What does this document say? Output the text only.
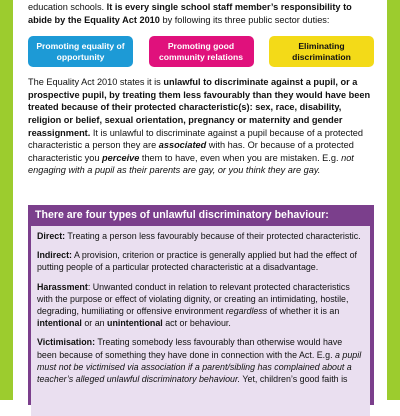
education schools. It is every single school staff member’s responsibility to abide by the Equality Act 2010 by following its three public sector duties:

Promoting equality of opportunity
Promoting good community relations
Eliminating discrimination

The Equality Act 2010 states it is unlawful to discriminate against a pupil, or a prospective pupil, by treating them less favourably than they would have been treated because of their protected characteristic(s): sex, race, disability, religion or belief, sexual orientation, pregnancy or maternity and gender reassignment. It is unlawful to discriminate against a pupil because of a protected characteristic a person they are associated with has. Or because of a protected characteristic you perceive them to have, even when you are mistaken. E.g. not engaging with a pupil as their parents are gay, or you think they are gay.

There are four types of unlawful discriminatory behaviour:

Direct: Treating a person less favourably because of their protected characteristic.

Indirect: A provision, criterion or practice is generally applied but had the effect of putting people of a particular protected characteristic at a disadvantage.

Harassment: Unwanted conduct in relation to relevant protected characteristics with the purpose or effect of violating dignity, or creating an intimidating, hostile, degrading, humiliating or offensive environment regardless of whether it is an intentional or an unintentional act or behaviour.

Victimisation: Treating somebody less favourably than otherwise would have been because of something they have done in connection with the Act. E.g. a pupil must not be victimised via association if a parent/sibling has complained about a teacher’s alleged unlawful discriminatory behaviour. Yet, children’s good faith is
